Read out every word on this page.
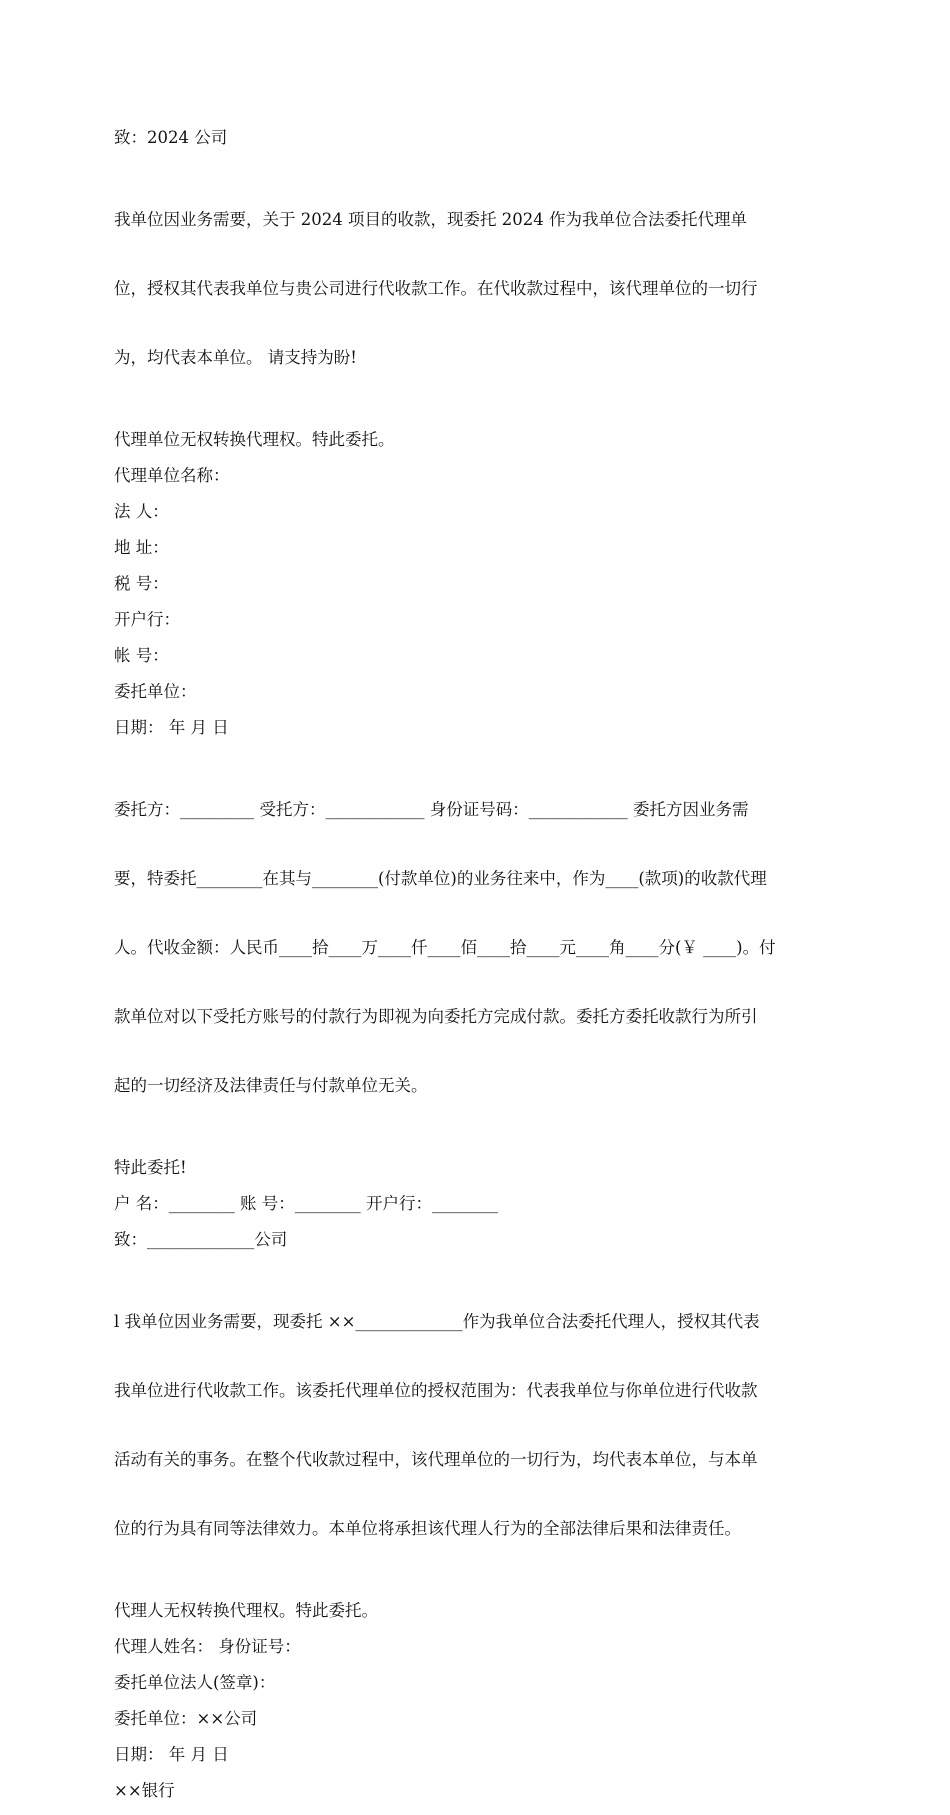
致：2024 公司

我单位因业务需要，关于 2024 项目的收款，现委托 2024 作为我单位合法委托代理单

位，授权其代表我单位与贵公司进行代收款工作。在代收款过程中，该代理单位的一切行

为，均代表本单位。 请支持为盼!

代理单位无权转换代理权。特此委托。
代理单位名称：
法 人：
地 址：
税 号：
开户行：
帐 号：
委托单位：
日期： 年 月 日

委托方：_________ 受托方：____________ 身份证号码：____________ 委托方因业务需

要，特委托________在其与________(付款单位)的业务往来中，作为____(款项)的收款代理

人。代收金额：人民币____拾____万____仟____佰____拾____元____角____分(￥ ____)。付

款单位对以下受托方账号的付款行为即视为向委托方完成付款。委托方委托收款行为所引

起的一切经济及法律责任与付款单位无关。

特此委托!
户 名：________ 账 号：________ 开户行：________
致：_____________公司

l 我单位因业务需要，现委托 ××_____________作为我单位合法委托代理人，授权其代表

我单位进行代收款工作。该委托代理单位的授权范围为：代表我单位与你单位进行代收款

活动有关的事务。在整个代收款过程中，该代理单位的一切行为，均代表本单位，与本单

位的行为具有同等法律效力。本单位将承担该代理人行为的全部法律后果和法律责任。

代理人无权转换代理权。特此委托。
代理人姓名： 身份证号：
委托单位法人(签章)：
委托单位：××公司
日期： 年 月 日
××银行
